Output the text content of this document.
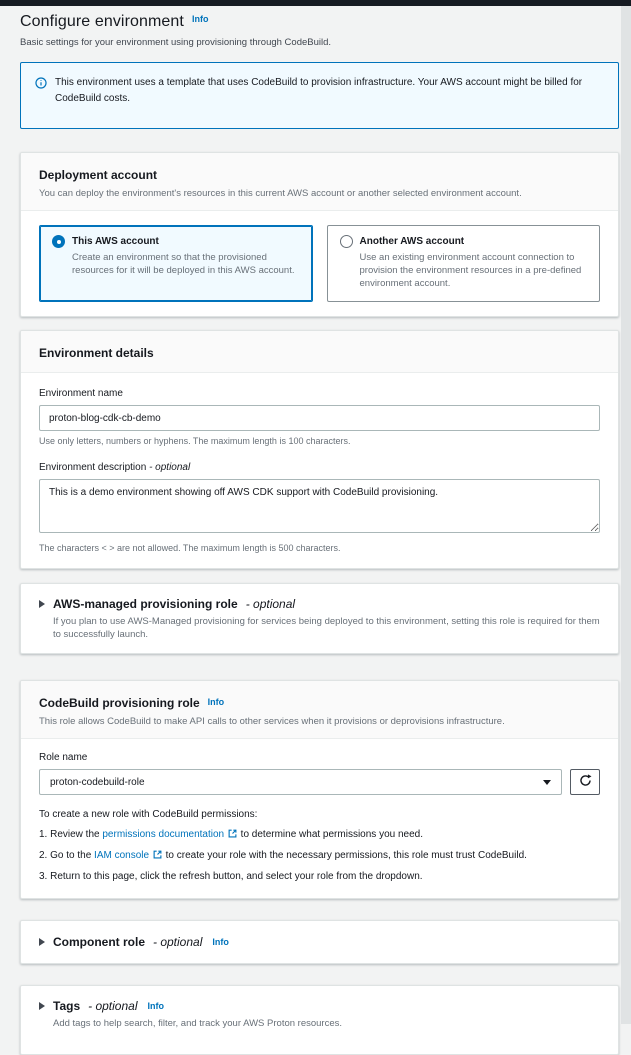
Configure environment $^{Info}$
Basic settings for your environment using provisioning through CodeBuild.
This environment uses a template that uses CodeBuild to provision infrastructure. Your AWS account might be billed for CodeBuild costs.
Deployment account
You can deploy the environment's resources in this current AWS account or another selected environment account.
This AWS account
Create an environment so that the provisioned resources for it will be deployed in this AWS account.
Another AWS account
Use an existing environment account connection to provision the environment resources in a pre-defined environment account.
Environment details
Environment name
proton-blog-cdk-cb-demo
Use only letters, numbers or hyphens. The maximum length is 100 characters.
Environment description - optional
This is a demo environment showing off AWS CDK support with CodeBuild provisioning.
The characters < > are not allowed. The maximum length is 500 characters.
AWS-managed provisioning role - optional
If you plan to use AWS-Managed provisioning for services being deployed to this environment, setting this role is required for them to successfully launch.
CodeBuild provisioning role Info
This role allows CodeBuild to make API calls to other services when it provisions or deprovisions infrastructure.
Role name
proton-codebuild-role
To create a new role with CodeBuild permissions:
1. Review the permissions documentation  to determine what permissions you need.
2. Go to the IAM console  to create your role with the necessary permissions, this role must trust CodeBuild.
3. Return to this page, click the refresh button, and select your role from the dropdown.
Component role - optional Info
Tags - optional Info
Add tags to help search, filter, and track your AWS Proton resources.
